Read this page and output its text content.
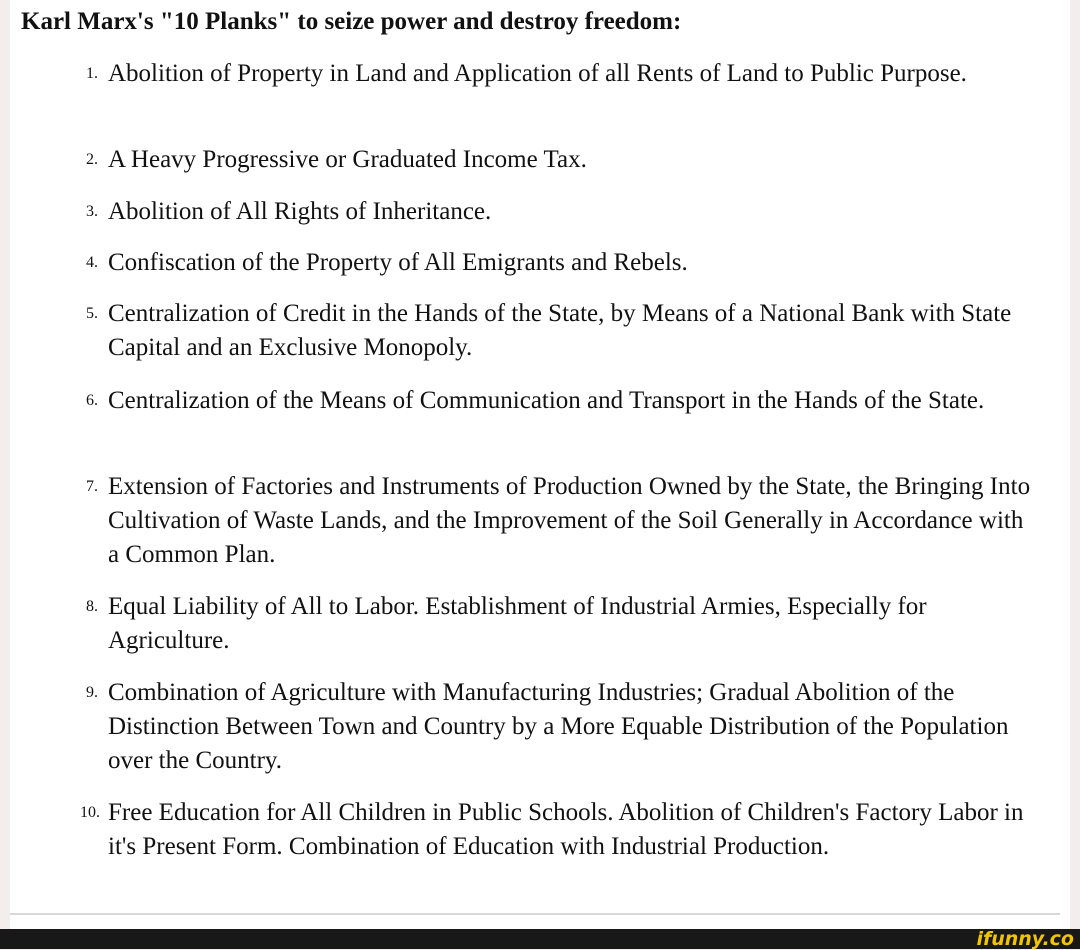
Karl Marx's "10 Planks" to seize power and destroy freedom:
1. Abolition of Property in Land and Application of all Rents of Land to Public Purpose.
2. A Heavy Progressive or Graduated Income Tax.
3. Abolition of All Rights of Inheritance.
4. Confiscation of the Property of All Emigrants and Rebels.
5. Centralization of Credit in the Hands of the State, by Means of a National Bank with State Capital and an Exclusive Monopoly.
6. Centralization of the Means of Communication and Transport in the Hands of the State.
7. Extension of Factories and Instruments of Production Owned by the State, the Bringing Into Cultivation of Waste Lands, and the Improvement of the Soil Generally in Accordance with a Common Plan.
8. Equal Liability of All to Labor. Establishment of Industrial Armies, Especially for Agriculture.
9. Combination of Agriculture with Manufacturing Industries; Gradual Abolition of the Distinction Between Town and Country by a More Equable Distribution of the Population over the Country.
10. Free Education for All Children in Public Schools. Abolition of Children's Factory Labor in it's Present Form. Combination of Education with Industrial Production.
ifunny.co
